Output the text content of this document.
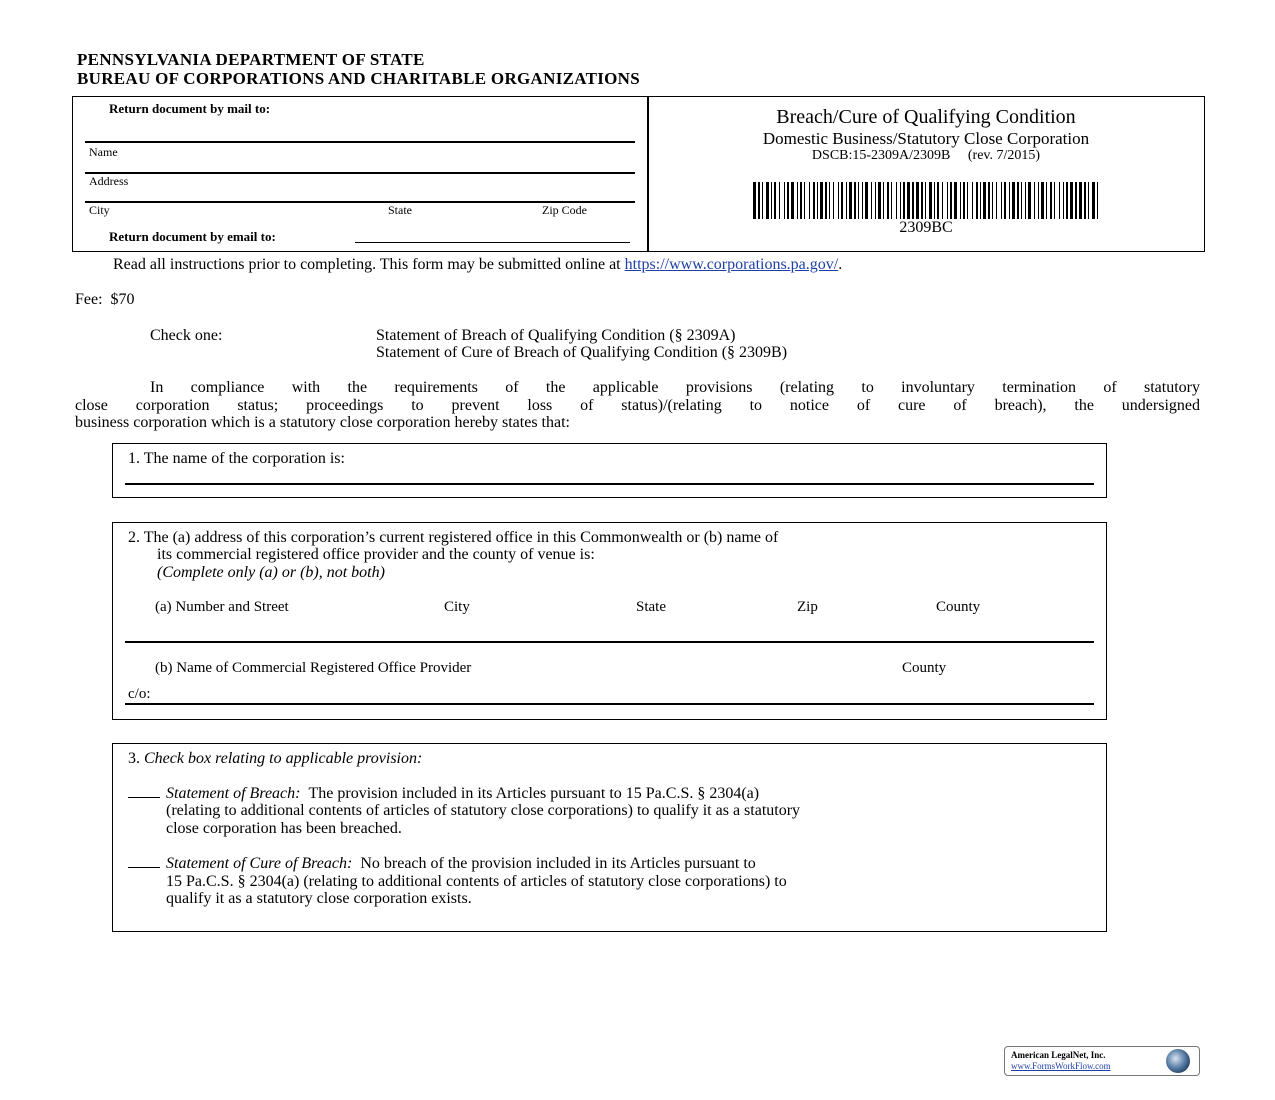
PENNSYLVANIA DEPARTMENT OF STATE
BUREAU OF CORPORATIONS AND CHARITABLE ORGANIZATIONS
Return document by mail to:
Name
Address
City	State	Zip Code
Return document by email to:
Breach/Cure of Qualifying Condition
Domestic Business/Statutory Close Corporation
DSCB:15-2309A/2309B (rev. 7/2015)
2309BC
Read all instructions prior to completing. This form may be submitted online at https://www.corporations.pa.gov/.
Fee: $70
Check one:	Statement of Breach of Qualifying Condition (§ 2309A)
Statement of Cure of Breach of Qualifying Condition (§ 2309B)
In compliance with the requirements of the applicable provisions (relating to involuntary termination of statutory
close corporation status; proceedings to prevent loss of status)/(relating to notice of cure of breach), the undersigned
business corporation which is a statutory close corporation hereby states that:
1. The name of the corporation is:
2. The (a) address of this corporation’s current registered office in this Commonwealth or (b) name of
its commercial registered office provider and the county of venue is:
(Complete only (a) or (b), not both)
(a) Number and Street	City	State	Zip	County
(b) Name of Commercial Registered Office Provider	County
c/o:
3. Check box relating to applicable provision:
Statement of Breach: The provision included in its Articles pursuant to 15 Pa.C.S. § 2304(a)
(relating to additional contents of articles of statutory close corporations) to qualify it as a statutory
close corporation has been breached.
Statement of Cure of Breach: No breach of the provision included in its Articles pursuant to
15 Pa.C.S. § 2304(a) (relating to additional contents of articles of statutory close corporations) to
qualify it as a statutory close corporation exists.
American LegalNet, Inc.
www.FormsWorkFlow.com
